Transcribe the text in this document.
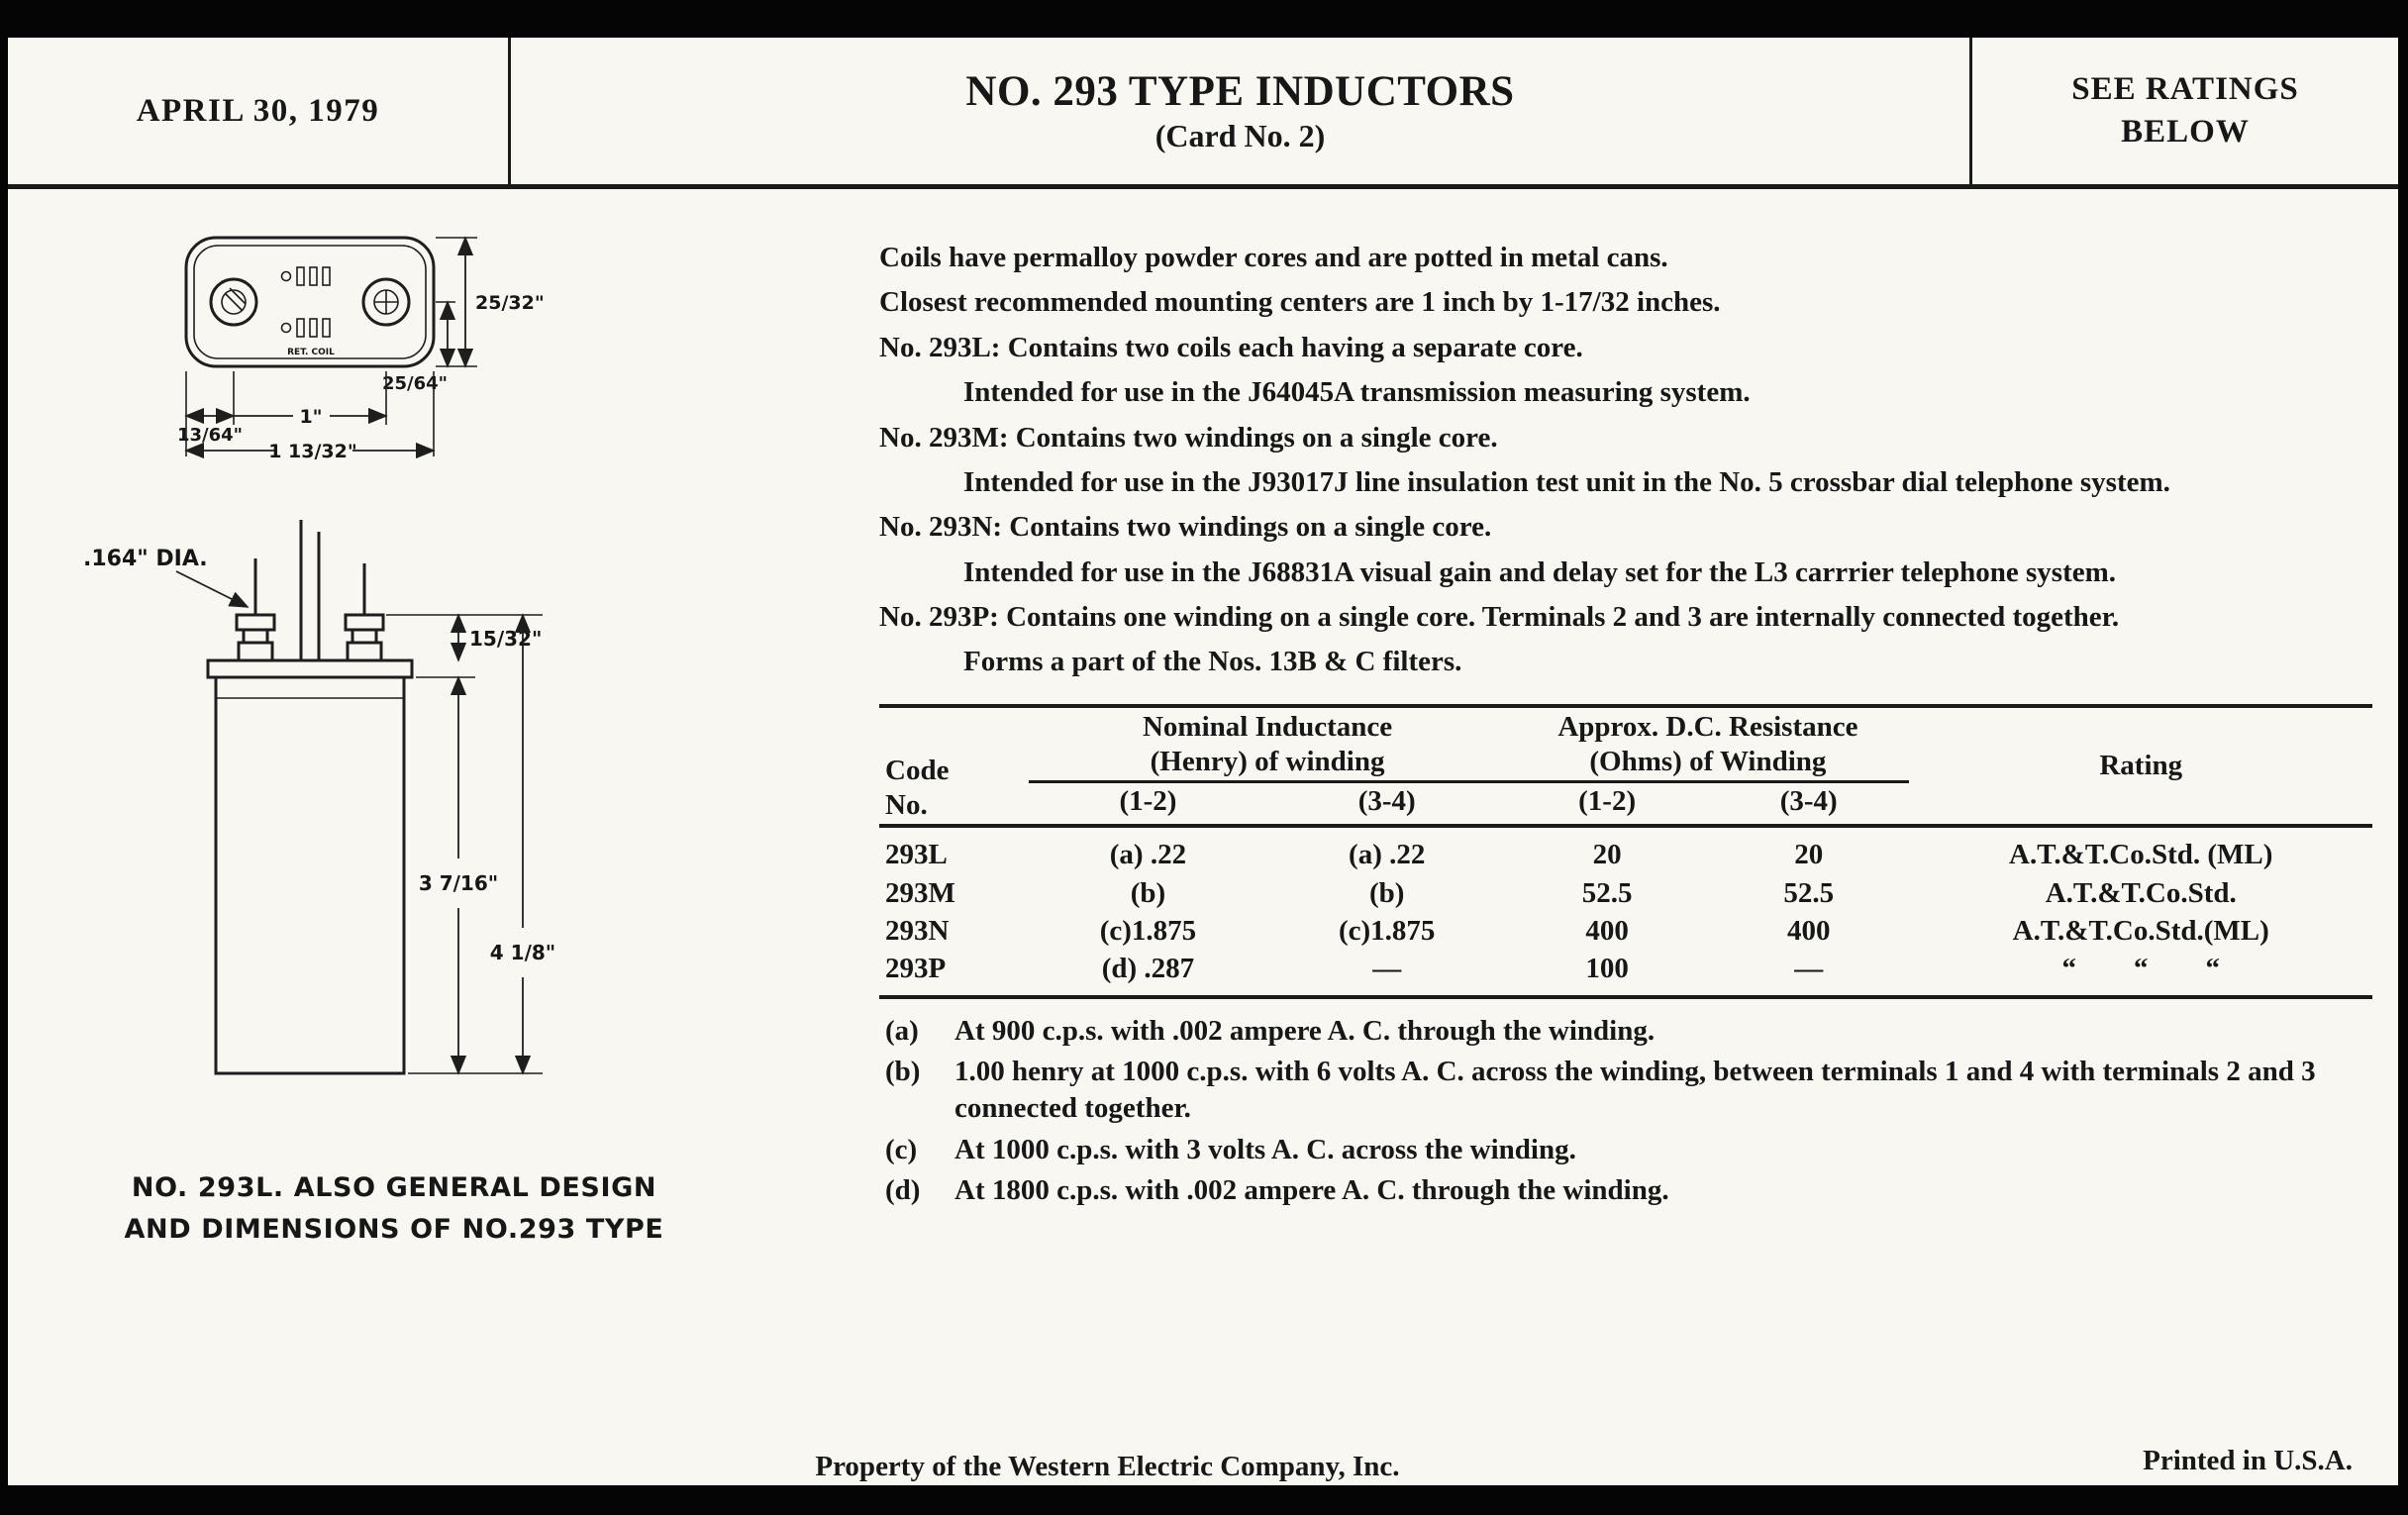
APRIL 30, 1979	NO. 293 TYPE INDUCTORS
(Card No. 2)
SEE RATINGS
BELOW
RET. COIL
25/32"
25/64"
13/64"
1"
1 13/32"
.164" DIA.
15/32"
3 7/16"
4 1/8"
NO. 293L. ALSO GENERAL DESIGN
AND DIMENSIONS OF NO.293 TYPE

Coils have permalloy powder cores and are potted in metal cans.

Closest recommended mounting centers are 1 inch by 1-17/32 inches.

No. 293L: Contains two coils each having a separate core.

Intended for use in the J64045A transmission measuring system.

No. 293M: Contains two windings on a single core.

Intended for use in the J93017J line insulation test unit in the No. 5 crossbar dial telephone system.

No. 293N: Contains two windings on a single core.

Intended for use in the J68831A visual gain and delay set for the L3 carrrier telephone system.

No. 293P: Contains one winding on a single core. Terminals 2 and 3 are internally connected together.

Forms a part of the Nos. 13B & C filters.

Code
No.

Nominal Inductance
(Henry) of winding

Approx. D.C. Resistance
(Ohms) of Winding	Rating
	(1-2)	(3-4)	(1-2)	(3-4)	
293L	(a) .22	(a) .22	20	20	A.T.&T.Co.Std. (ML)
293M	(b)	(b)	52.5	52.5	A.T.&T.Co.Std.
293N	(c)1.875	(c)1.875	400	400	A.T.&T.Co.Std.(ML)
293P	(d) .287	—	100	—	“  “  “

(a) At 900 c.p.s. with .002 ampere A. C. through the winding.

(b) 1.00 henry at 1000 c.p.s. with 6 volts A. C. across the winding, between terminals 1 and 4 with terminals 2 and 3 connected together.

(c) At 1000 c.p.s. with 3 volts A. C. across the winding.

(d) At 1800 c.p.s. with .002 ampere A. C. through the winding.

Property of the Western Electric Company, Inc.	Printed in U.S.A.
